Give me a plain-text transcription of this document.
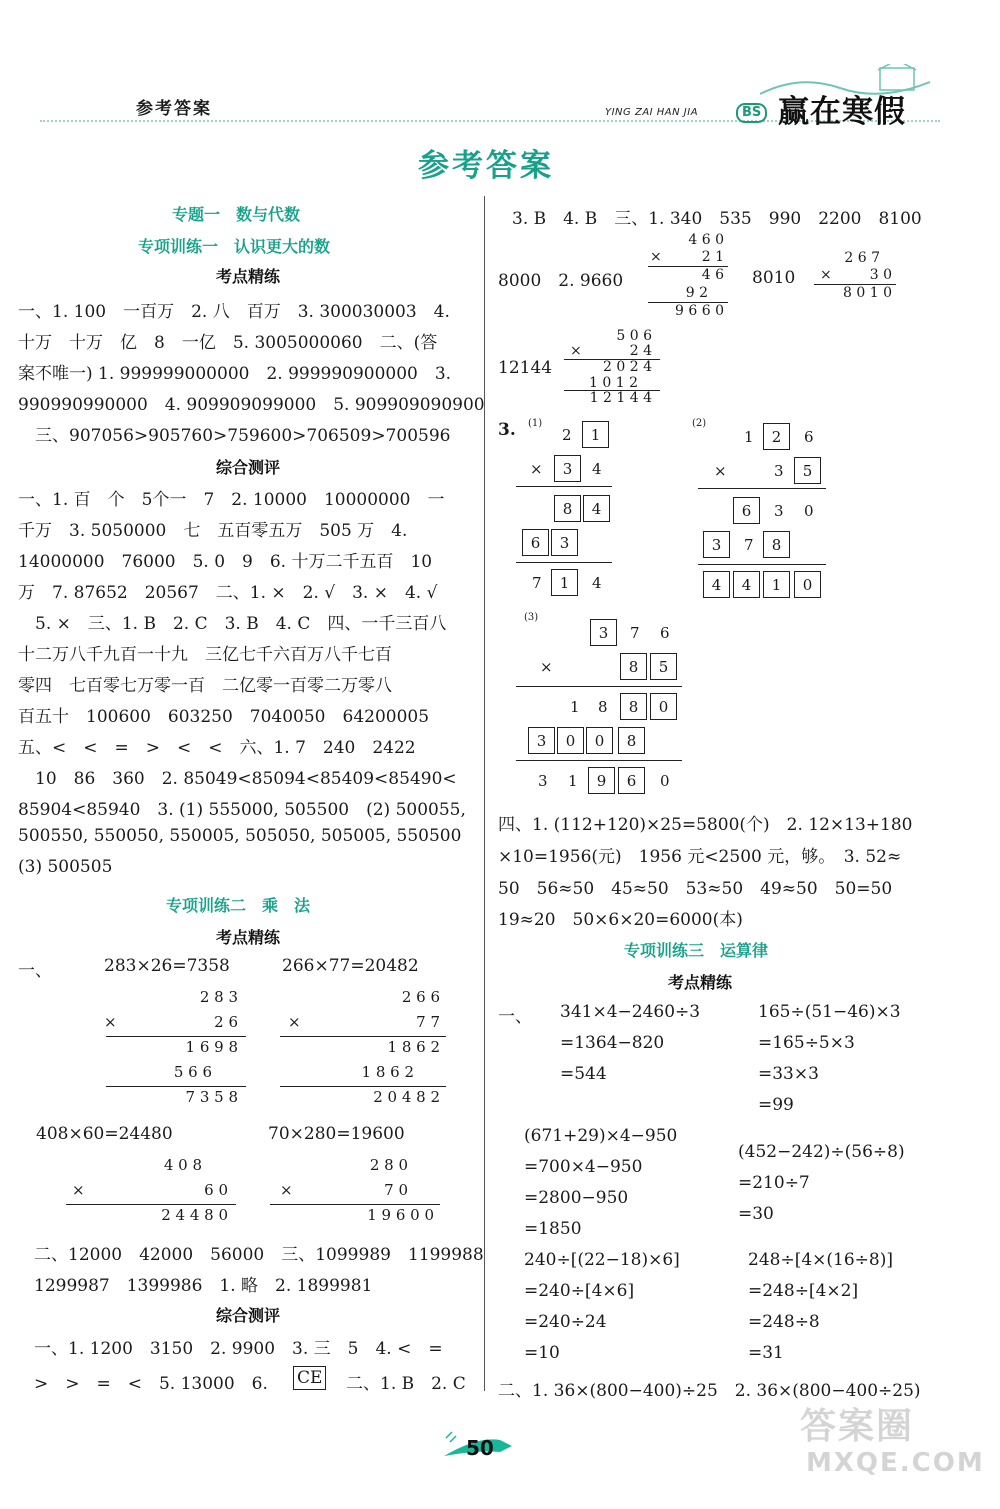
参考答案	YING ZAI HAN JIA	BS 赢在寒假
参考答案
专题一　数与代数
专项训练一　认识更大的数
考点精练
一、1. 100　一百万　2. 八　百万　3. 300030003　4.
十万　十万　亿　8　一亿　5. 3005000060　二、(答
案不唯一) 1. 999999000000　2. 999990900000　3.
990990990000　4. 909909099000　5. 909909090900
　三、907056>905760>759600>706509>700596
综合测评
一、1. 百　个　5个一　7　2. 10000　10000000　一
千万　3. 5050000　七　五百零五万　505 万　4.
14000000　76000　5. 0　9　6. 十万二千五百　10
万　7. 87652　20567　二、1. ×　2. √　3. ×　4. √
　5. ×　三、1. B　2. C　3. B　4. C　四、一千三百八
十二万八千九百一十九　三亿七千六百万八千七百
零四　七百零七万零一百　二亿零一百零二万零八
百五十　100600　603250　7040050　64200005
五、<　<　=　>　<　<　六、1. 7　240　2422
　10　86　360　2. 85049<85094<85409<85490<
85904<85940　3. (1) 555000, 505500　(2) 500055,
500550, 550050, 550005, 505050, 505005, 550500
(3) 500505
专项训练二　乘　法
考点精练
一、	283×26=7358	266×77=20482
2 8 3
×	2 6
1 6 9 8
5 6 6
7 3 5 8
2 6 6
×	7 7
1 8 6 2
1 8 6 2
2 0 4 8 2
408×60=24480	70×280=19600
4 0 8
×	6 0
2 4 4 8 0
2 8 0
×	7 0
1 9 6 0 0
二、12000　42000　56000　三、1099989　1199988
1299987　1399986　1. 略　2. 1899981
综合测评
一、1. 1200　3150　2. 9900　3. 三　5　4. <　=
>　>　=　<　5. 13000　6. CE 二、1. B　2. C
3. B　4. B　三、1. 340　535　990　2200　8100
8000　2. 9660
4 6 0
×	2 1
4 6
9 2
9 6 6 0
8010
2 6 7
×	3 0
8 0 1 0
12144
5 0 6
×	2 4
2 0 2 4
1 0 1 2
1 2 1 4 4
3. (1)	(2)
2	1
×	3	4
8	4
6	3
7	1	4
1	2	6
×	3	5
6	3 0
3	7	8
4	4	1	0
(3)
3	7 6
×	8	5
1 8	8	0
3	0	0	8
3 1	9	6	0
四、1. (112+120)×25=5800(个)　2. 12×13+180
×10=1956(元)　1956 元<2500 元，够。　3. 52≈
50　56≈50　45≈50　53≈50　49≈50　50=50
19≈20　50×6×20=6000(本)
专项训练三　运算律
考点精练
一、 341×4−2460÷3
=1364−820
=544
165÷(51−46)×3
=165÷5×3
=33×3
=99
(671+29)×4−950
=700×4−950
=2800−950
=1850
(452−242)÷(56÷8)
=210÷7
=30
240÷[(22−18)×6]
=240÷[4×6]
=240÷24
=10
248÷[4×(16÷8)]
=248÷[4×2]
=248÷8
=31
二、1. 36×(800−400)÷25　2. 36×(800−400÷25)
50
答案圈
MXQE.COM
